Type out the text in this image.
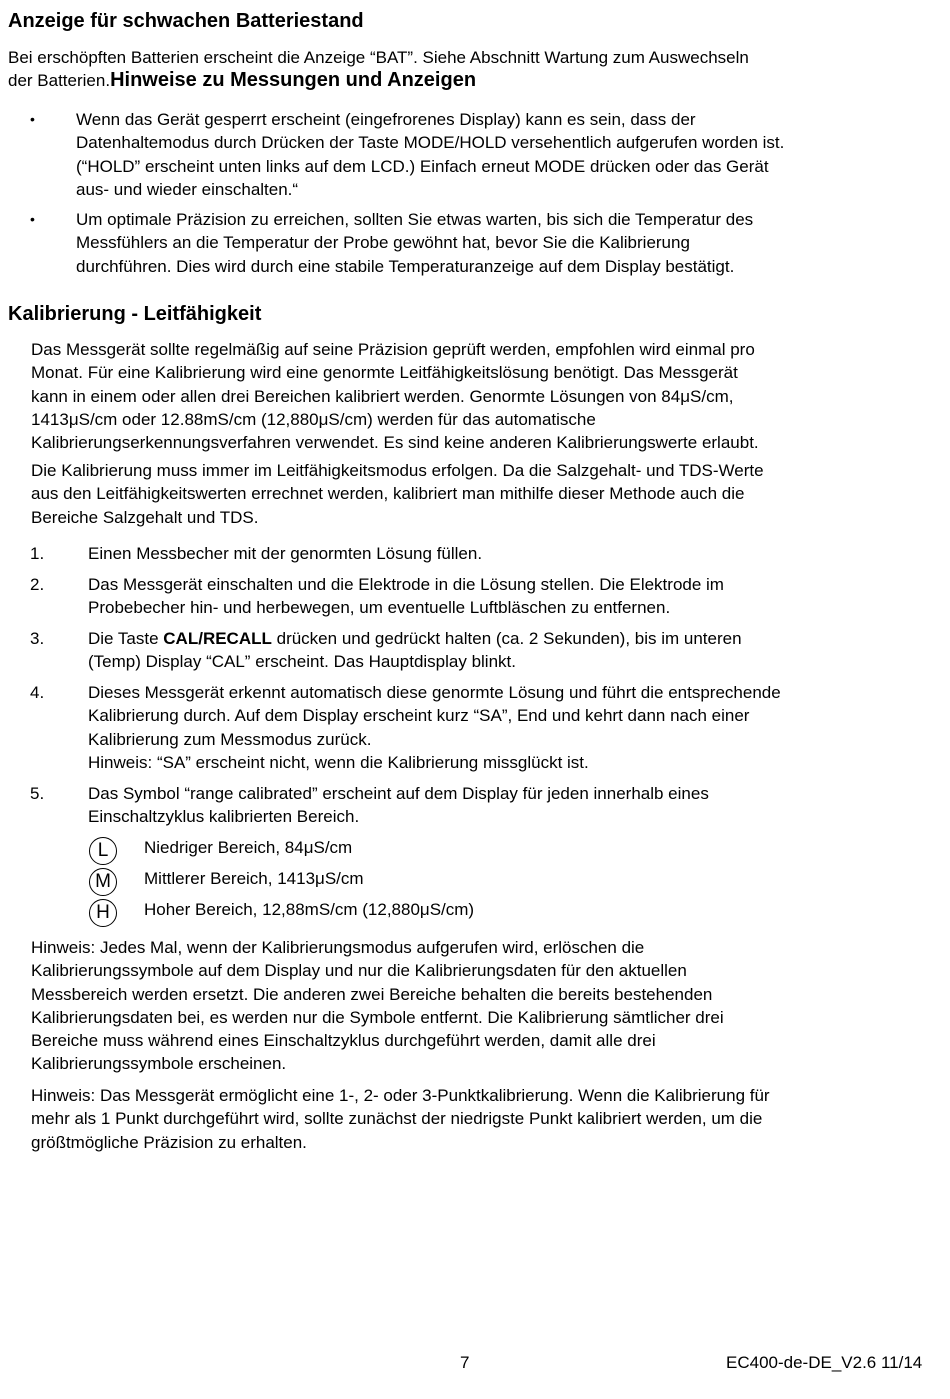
Anzeige für schwachen Batteriestand
Bei erschöpften Batterien erscheint die Anzeige “BAT”. Siehe Abschnitt Wartung zum Auswechseln
der Batterien.Hinweise zu Messungen und Anzeigen
• Wenn das Gerät gesperrt erscheint (eingefrorenes Display) kann es sein, dass der
Datenhaltemodus durch Drücken der Taste MODE/HOLD versehentlich aufgerufen worden ist.
(“HOLD” erscheint unten links auf dem LCD.) Einfach erneut MODE drücken oder das Gerät
aus- und wieder einschalten.“
• Um optimale Präzision zu erreichen, sollten Sie etwas warten, bis sich die Temperatur des
Messfühlers an die Temperatur der Probe gewöhnt hat, bevor Sie die Kalibrierung
durchführen. Dies wird durch eine stabile Temperaturanzeige auf dem Display bestätigt.
Kalibrierung - Leitfähigkeit
Das Messgerät sollte regelmäßig auf seine Präzision geprüft werden, empfohlen wird einmal pro
Monat. Für eine Kalibrierung wird eine genormte Leitfähigkeitslösung benötigt. Das Messgerät
kann in einem oder allen drei Bereichen kalibriert werden. Genormte Lösungen von 84μS/cm,
1413μS/cm oder 12.88mS/cm (12,880μS/cm) werden für das automatische
Kalibrierungserkennungsverfahren verwendet. Es sind keine anderen Kalibrierungswerte erlaubt.
Die Kalibrierung muss immer im Leitfähigkeitsmodus erfolgen. Da die Salzgehalt- und TDS-Werte
aus den Leitfähigkeitswerten errechnet werden, kalibriert man mithilfe dieser Methode auch die
Bereiche Salzgehalt und TDS.
1.	Einen Messbecher mit der genormten Lösung füllen.
2.	Das Messgerät einschalten und die Elektrode in die Lösung stellen. Die Elektrode im
Probebecher hin- und herbewegen, um eventuelle Luftbläschen zu entfernen.
3.	Die Taste CAL/RECALL drücken und gedrückt halten (ca. 2 Sekunden), bis im unteren
(Temp) Display “CAL” erscheint. Das Hauptdisplay blinkt.
4.	Dieses Messgerät erkennt automatisch diese genormte Lösung und führt die entsprechende
Kalibrierung durch. Auf dem Display erscheint kurz “SA”, End und kehrt dann nach einer
Kalibrierung zum Messmodus zurück.
Hinweis: “SA” erscheint nicht, wenn die Kalibrierung missglückt ist.
5.	Das Symbol “range calibrated” erscheint auf dem Display für jeden innerhalb eines
Einschaltzyklus kalibrierten Bereich.
L	Niedriger Bereich, 84μS/cm
M	Mittlerer Bereich, 1413μS/cm
H	Hoher Bereich, 12,88mS/cm (12,880μS/cm)
Hinweis: Jedes Mal, wenn der Kalibrierungsmodus aufgerufen wird, erlöschen die
Kalibrierungssymbole auf dem Display und nur die Kalibrierungsdaten für den aktuellen
Messbereich werden ersetzt. Die anderen zwei Bereiche behalten die bereits bestehenden
Kalibrierungsdaten bei, es werden nur die Symbole entfernt. Die Kalibrierung sämtlicher drei
Bereiche muss während eines Einschaltzyklus durchgeführt werden, damit alle drei
Kalibrierungssymbole erscheinen.
Hinweis: Das Messgerät ermöglicht eine 1-, 2- oder 3-Punktkalibrierung. Wenn die Kalibrierung für
mehr als 1 Punkt durchgeführt wird, sollte zunächst der niedrigste Punkt kalibriert werden, um die
größtmögliche Präzision zu erhalten.
7	EC400-de-DE_V2.6 11/14
